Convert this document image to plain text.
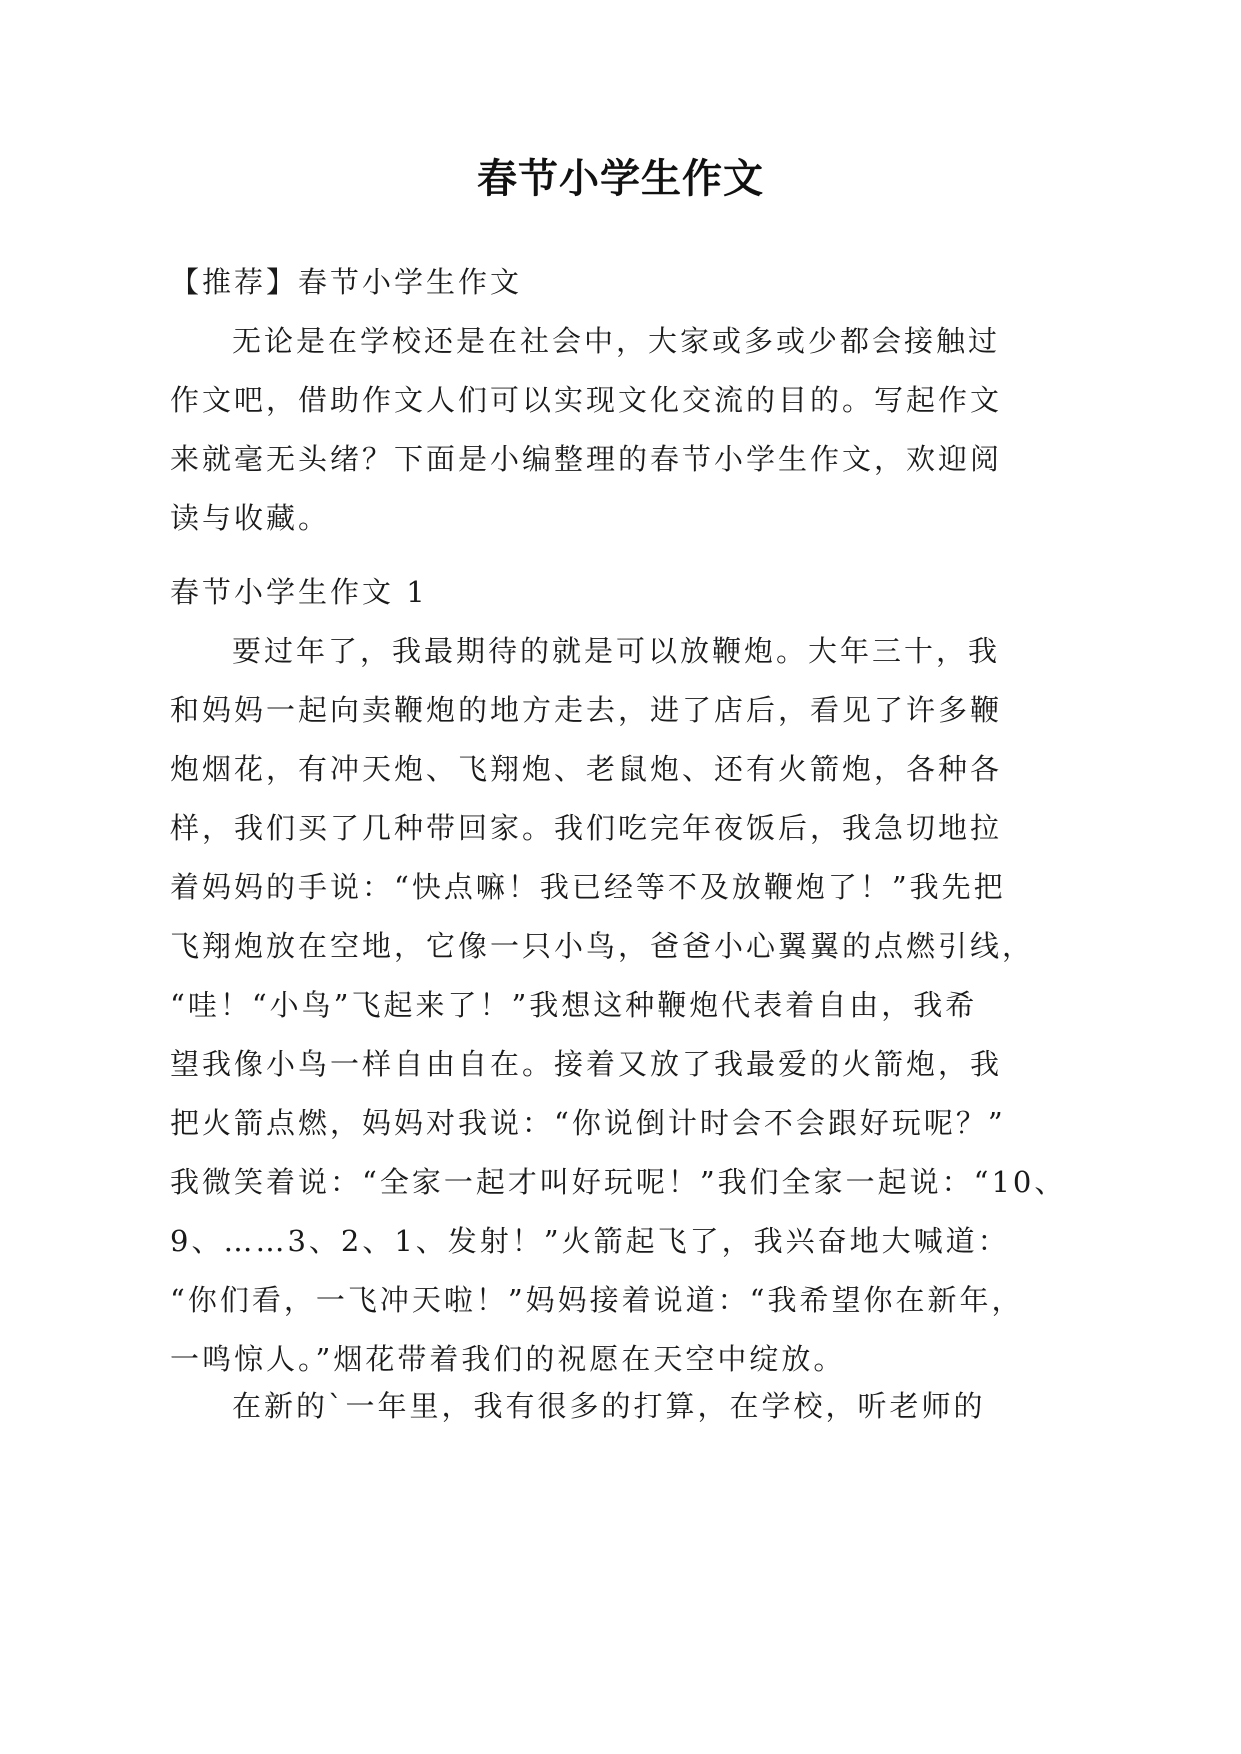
春节小学生作文
【推荐】春节小学生作文
无论是在学校还是在社会中，大家或多或少都会接触过
作文吧，借助作文人们可以实现文化交流的目的。写起作文
来就毫无头绪？下面是小编整理的春节小学生作文，欢迎阅
读与收藏。
春节小学生作文 1
要过年了，我最期待的就是可以放鞭炮。大年三十，我
和妈妈一起向卖鞭炮的地方走去，进了店后，看见了许多鞭
炮烟花，有冲天炮、飞翔炮、老鼠炮、还有火箭炮，各种各
样，我们买了几种带回家。我们吃完年夜饭后，我急切地拉
着妈妈的手说：“快点嘛！我已经等不及放鞭炮了！”我先把
飞翔炮放在空地，它像一只小鸟，爸爸小心翼翼的点燃引线，
“哇！“小鸟”飞起来了！”我想这种鞭炮代表着自由，我希
望我像小鸟一样自由自在。接着又放了我最爱的火箭炮，我
把火箭点燃，妈妈对我说：“你说倒计时会不会跟好玩呢？”
我微笑着说：“全家一起才叫好玩呢！”我们全家一起说：“10、
9、……3、2、1、发射！”火箭起飞了，我兴奋地大喊道：
“你们看，一飞冲天啦！”妈妈接着说道：“我希望你在新年，
一鸣惊人。”烟花带着我们的祝愿在天空中绽放。
在新的`一年里，我有很多的打算，在学校，听老师的
